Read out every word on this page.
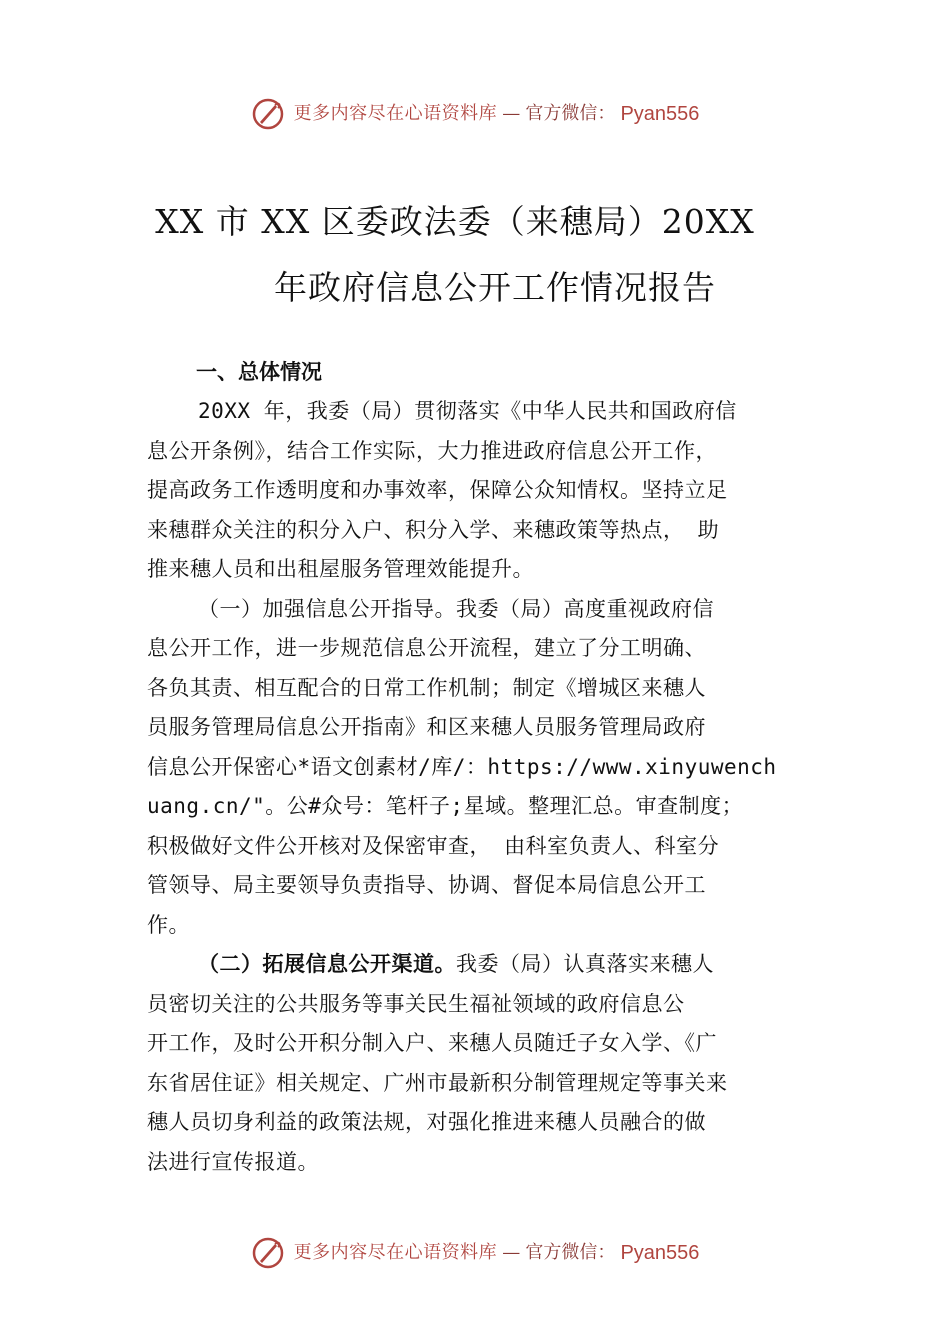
更多内容尽在心语资料库 — 官方微信： Pyan556
XX 市 XX 区委政法委（来穗局）20XX
年政府信息公开工作情况报告
一、总体情况
20XX 年，我委（局）贯彻落实《中华人民共和国政府信
息公开条例》，结合工作实际，大力推进政府信息公开工作，
提高政务工作透明度和办事效率，保障公众知情权。坚持立足
来穗群众关注的积分入户、积分入学、来穗政策等热点， 助
推来穗人员和出租屋服务管理效能提升。
（一）加强信息公开指导。我委（局）高度重视政府信
息公开工作，进一步规范信息公开流程，建立了分工明确、
各负其责、相互配合的日常工作机制；制定《增城区来穗人
员服务管理局信息公开指南》和区来穗人员服务管理局政府
信息公开保密心*语文创素材/库/：https://www.xinyuwench
uang.cn/"。公#众号：笔杆子;星域。整理汇总。审查制度；
积极做好文件公开核对及保密审查， 由科室负责人、科室分
管领导、局主要领导负责指导、协调、督促本局信息公开工
作。
（二）拓展信息公开渠道。我委（局）认真落实来穗人
员密切关注的公共服务等事关民生福祉领域的政府信息公
开工作，及时公开积分制入户、来穗人员随迁子女入学、《广
东省居住证》相关规定、广州市最新积分制管理规定等事关来
穗人员切身利益的政策法规，对强化推进来穗人员融合的做
法进行宣传报道。
更多内容尽在心语资料库 — 官方微信： Pyan556
